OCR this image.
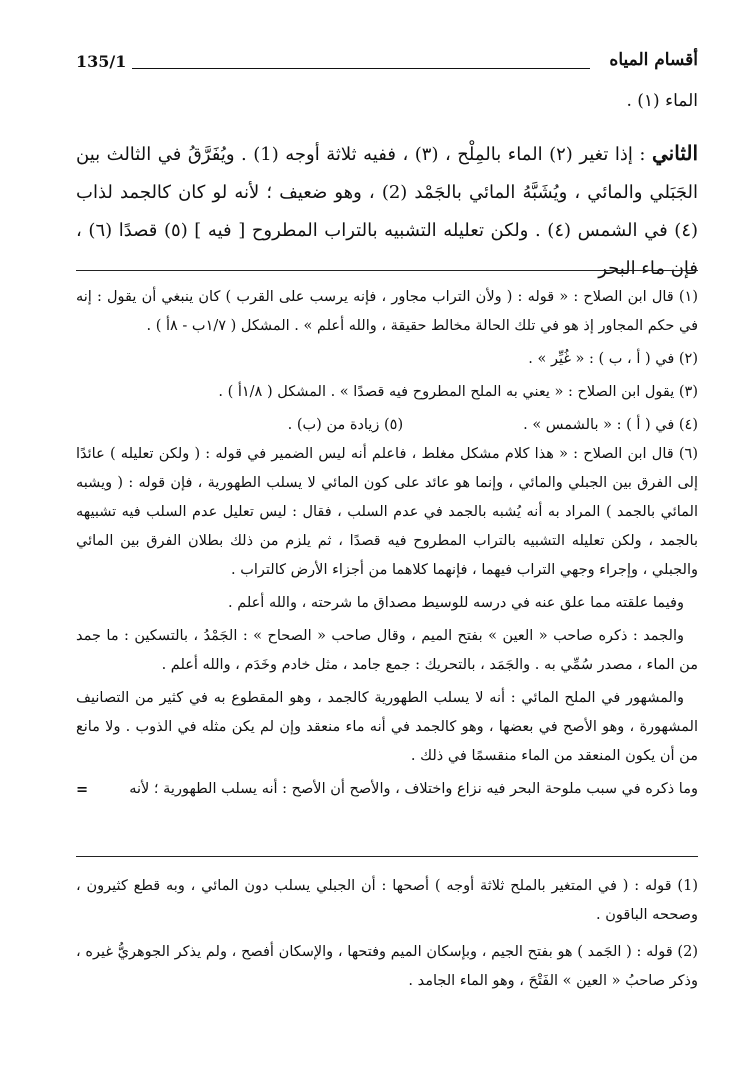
أقسام المياه
135/1
الماء (١) .
الثاني : إذا تغير (٢) الماء بالمِلْح ، (٣) ، ففيه ثلاثة أوجه (1) . ويُفَرَّقُ في الثالث بين الجَبَلي والمائي ، ويُشَبَّهُ المائي بالجَمْد (2) ، وهو ضعيف ؛ لأنه لو كان كالجمد لذاب (٤) في الشمس (٤) . ولكن تعليله التشبيه بالتراب المطروح [ فيه ] (٥) قصدًا (٦) ، فإن ماء البحر

(١) قال ابن الصلاح : « قوله : ( ولأن التراب مجاور ، فإنه يرسب على القرب ) كان ينبغي أن يقول : إنه في حكم المجاور إذ هو في تلك الحالة مخالط حقيقة ، والله أعلم » . المشكل ( ١/٧ب - ٨أ ) .

(٢) في ( أ ، ب ) : « غُيِّر » .

(٣) يقول ابن الصلاح : « يعني به الملح المطروح فيه قصدًا » . المشكل ( ١/٨أ ) .

(٤) في ( أ ) : « بالشمس » .
(٥) زيادة من (ب) .

(٦) قال ابن الصلاح : « هذا كلام مشكل مغلط ، فاعلم أنه ليس الضمير في قوله : ( ولكن تعليله ) عائدًا إلى الفرق بين الجبلي والمائي ، وإنما هو عائد على كون المائي لا يسلب الطهورية ، فإن قوله : ( ويشبه المائي بالجمد ) المراد به أنه يُشبه بالجمد في عدم السلب ، فقال : ليس تعليل عدم السلب فيه تشبيهه بالجمد ، ولكن تعليله التشبيه بالتراب المطروح فيه قصدًا ، ثم يلزم من ذلك بطلان الفرق بين المائي والجبلي ، وإجراء وجهي التراب فيهما ، فإنهما كلاهما من أجزاء الأرض كالتراب .

وفيما علقته مما علق عنه في درسه للوسيط مصداق ما شرحته ، والله أعلم .

والجمد : ذكره صاحب « العين » بفتح الميم ، وقال صاحب « الصحاح » : الجَمْدُ ، بالتسكين : ما جمد من الماء ، مصدر سُمِّي به . والجَمَد ، بالتحريك : جمع جامد ، مثل خادم وخَدَم ، والله أعلم .

والمشهور في الملح المائي : أنه لا يسلب الطهورية كالجمد ، وهو المقطوع به في كثير من التصانيف المشهورة ، وهو الأصح في بعضها ، وهو كالجمد في أنه ماء منعقد وإن لم يكن مثله في الذوب . ولا مانع من أن يكون المنعقد من الماء منقسمًا في ذلك .

وما ذكره في سبب ملوحة البحر فيه نزاع واختلاف ، والأصح أن الأصح : أنه يسلب الطهورية ؛ لأنه
=

(1) قوله : ( في المتغير بالملح ثلاثة أوجه ) أصحها : أن الجبلي يسلب دون المائي ، وبه قطع كثيرون ، وصححه الباقون .

(2) قوله : ( الجَمد ) هو بفتح الجيم ، وبإسكان الميم وفتحها ، والإسكان أفصح ، ولم يذكر الجوهريُّ غيره ، وذكر صاحبُ « العين » الفَتْحَ ، وهو الماء الجامد .
